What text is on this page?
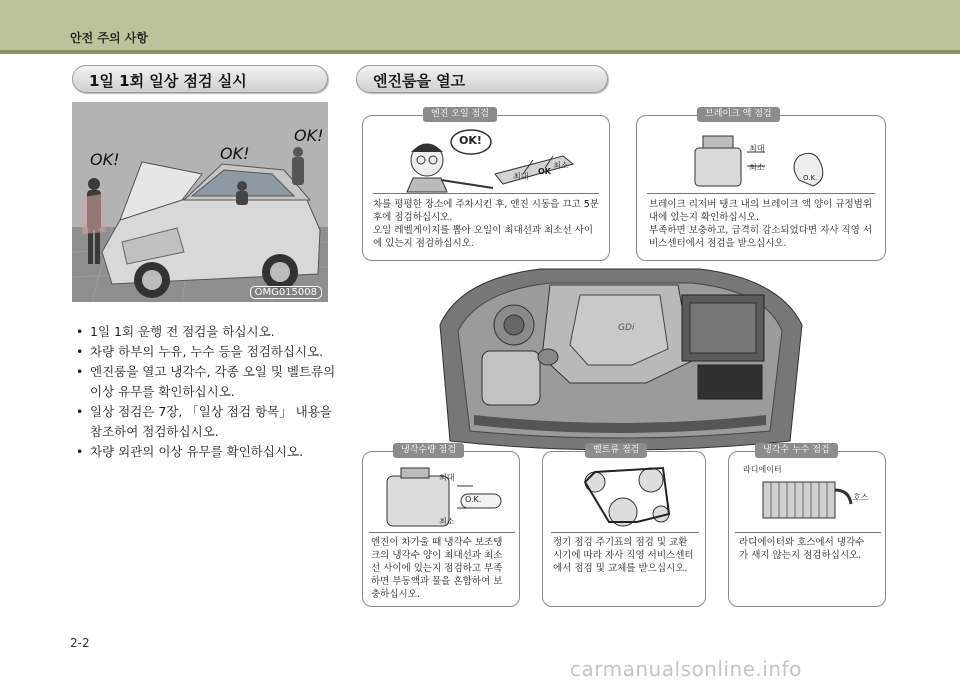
안전 주의 사항
1일 1회 일상 점검 실시	엔진룸을 열고
OK!	OK!
OK!
OMG015008
• 1일 1회 운행 전 점검을 하십시오.
• 차량 하부의 누유, 누수 등을 점검하십시오.
• 엔진룸을 열고 냉각수, 각종 오일 및 벨트류의 이상 유무를 확인하십시오.
• 일상 점검은 7장, 「일상 점검 항목」 내용을 참조하여 점검하십시오.
• 차량 외관의 이상 유무를 확인하십시오.
엔진 오일 점검
OK!
최대
OK
최소
차를 평평한 장소에 주차시킨 후, 엔진 시동을 끄고 5분
후에 점검하십시오.
오일 레벨게이지를 뽑아 오일이 최대선과 최소선 사이
에 있는지 점검하십시오.
브레이크 액 점검
최대
최소
O.K.
브레이크 리저버 탱크 내의 브레이크 액 양이 규정범위
내에 있는지 확인하십시오.
부족하면 보충하고, 급격히 감소되었다면 자사 직영 서
비스센터에서 점검을 받으십시오.
GDi
냉각수량 점검
최대
최소
O.K.
엔진이 차가울 때 냉각수 보조탱
크의 냉각수 양이 최대선과 최소
선 사이에 있는지 점검하고 부족
하면 부동액과 물을 혼합하여 보
충하십시오.
벨트류 점검
정기 점검 주기표의 점검 및 교환
시기에 따라 자사 직영 서비스센터
에서 점검 및 교체를 받으십시오.
냉각수 누수 점검
라디에이터
호스
라디에이터와 호스에서 냉각수
가 새지 않는지 점검하십시오.
2-2
carmanualsonline.info
